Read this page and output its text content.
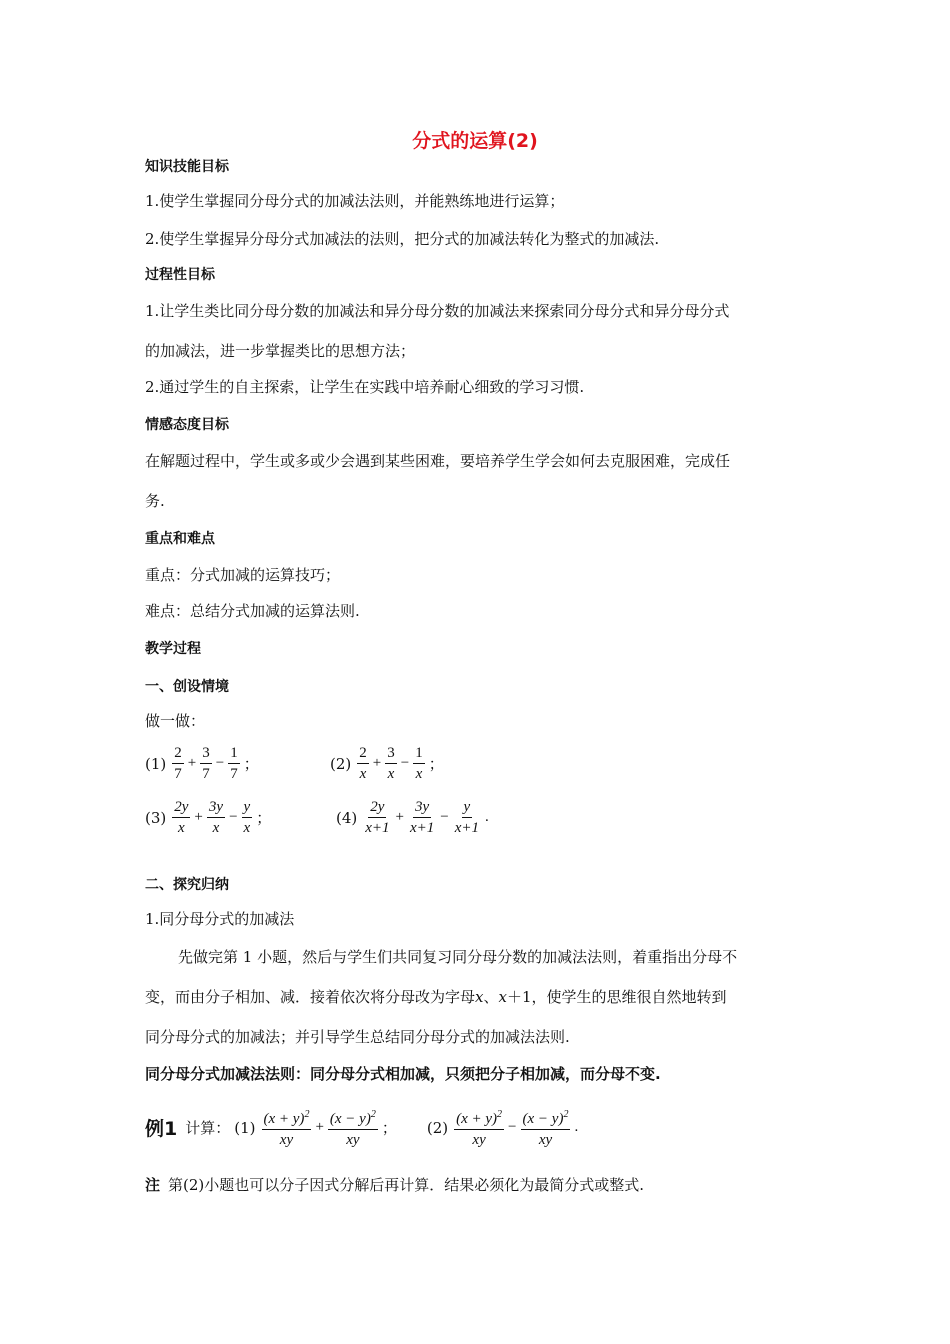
分式的运算(2)
知识技能目标
1.使学生掌握同分母分式的加减法法则，并能熟练地进行运算；
2.使学生掌握异分母分式加减法的法则，把分式的加减法转化为整式的加减法.
过程性目标
1.让学生类比同分母分数的加减法和异分母分数的加减法来探索同分母分式和异分母分式
的加减法，进一步掌握类比的思想方法；
2.通过学生的自主探索，让学生在实践中培养耐心细致的学习习惯.
情感态度目标
在解题过程中，学生或多或少会遇到某些困难，要培养学生学会如何去克服困难，完成任
务.
重点和难点
重点：分式加减的运算技巧；
难点：总结分式加减的运算法则.
教学过程
一、创设情境
做一做：
$(1) \frac{2}{7} + \frac{3}{7} - \frac{1}{7}$ ；	$(2) \frac{2}{x} + \frac{3}{x} - \frac{1}{x}$ ；
$(3) \frac{2y}{x} + \frac{3y}{x} - \frac{y}{x}$ ；	$(4) \frac{2y}{x+1} + \frac{3y}{x+1} - \frac{y}{x+1}$ .
二、探究归纳
1.同分母分式的加减法
先做完第 1 小题，然后与学生们共同复习同分母分数的加减法法则，着重指出分母不
变，而由分子相加、减．接着依次将分母改为字母x、x＋1，使学生的思维很自然地转到
同分母分式的加减法；并引导学生总结同分母分式的加减法法则.
同分母分式加减法法则：同分母分式相加减，只须把分子相加减，而分母不变.
例1 计算： $(1) \frac{(x + y)^2}{xy} + \frac{(x - y)^2}{xy}$ ； $(2) \frac{(x + y)^2}{xy} - \frac{(x - y)^2}{xy}$ .
注 第(2)小题也可以分子因式分解后再计算．结果必须化为最简分式或整式.
